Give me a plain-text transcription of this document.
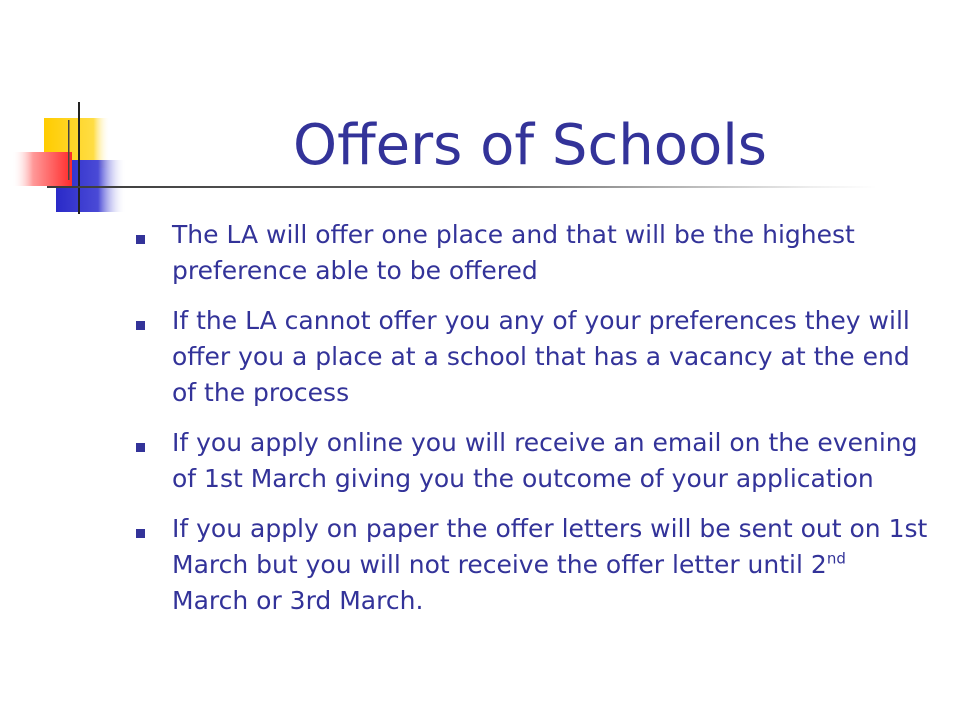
Offers of Schools
The LA will offer one place and that will be the highest preference able to be offered
If the LA cannot offer you any of your preferences they will offer you a place at a school that has a vacancy at the end of the process
If you apply online you will receive an email on the evening of 1st March giving you the outcome of your application
If you apply on paper the offer letters will be sent out on 1st March but you will not receive the offer letter until 2nd  March or 3rd March.
